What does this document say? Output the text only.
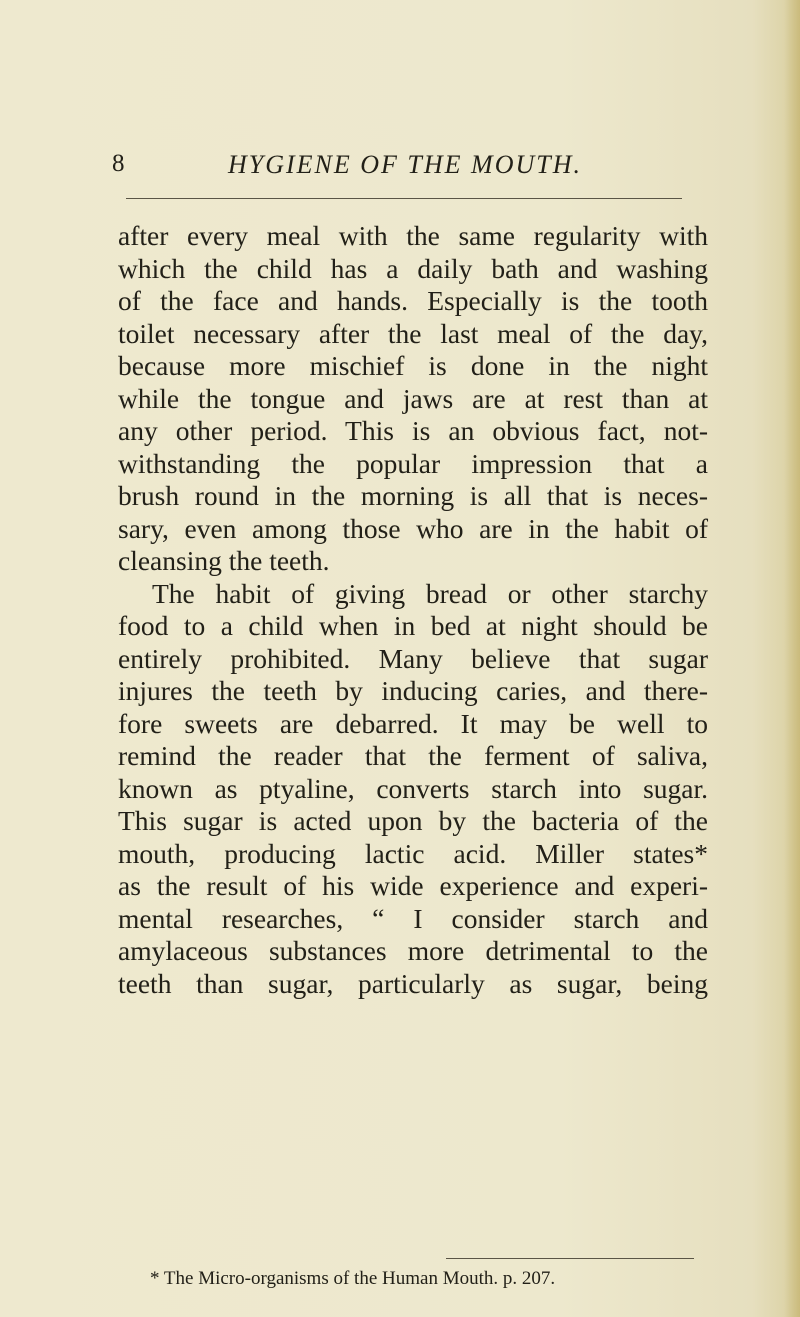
8	HYGIENE OF THE MOUTH.
after every meal with the same regularity with
which the child has a daily bath and washing
of the face and hands. Especially is the tooth
toilet necessary after the last meal of the day,
because more mischief is done in the night
while the tongue and jaws are at rest than at
any other period. This is an obvious fact, not-
withstanding the popular impression that a
brush round in the morning is all that is neces-
sary, even among those who are in the habit of
cleansing the teeth.
The habit of giving bread or other starchy
food to a child when in bed at night should be
entirely prohibited. Many believe that sugar
injures the teeth by inducing caries, and there-
fore sweets are debarred. It may be well to
remind the reader that the ferment of saliva,
known as ptyaline, converts starch into sugar.
This sugar is acted upon by the bacteria of the
mouth, producing lactic acid. Miller states*
as the result of his wide experience and experi-
mental researches, “ I consider starch and
amylaceous substances more detrimental to the
teeth than sugar, particularly as sugar, being
* The Micro-organisms of the Human Mouth. p. 207.
